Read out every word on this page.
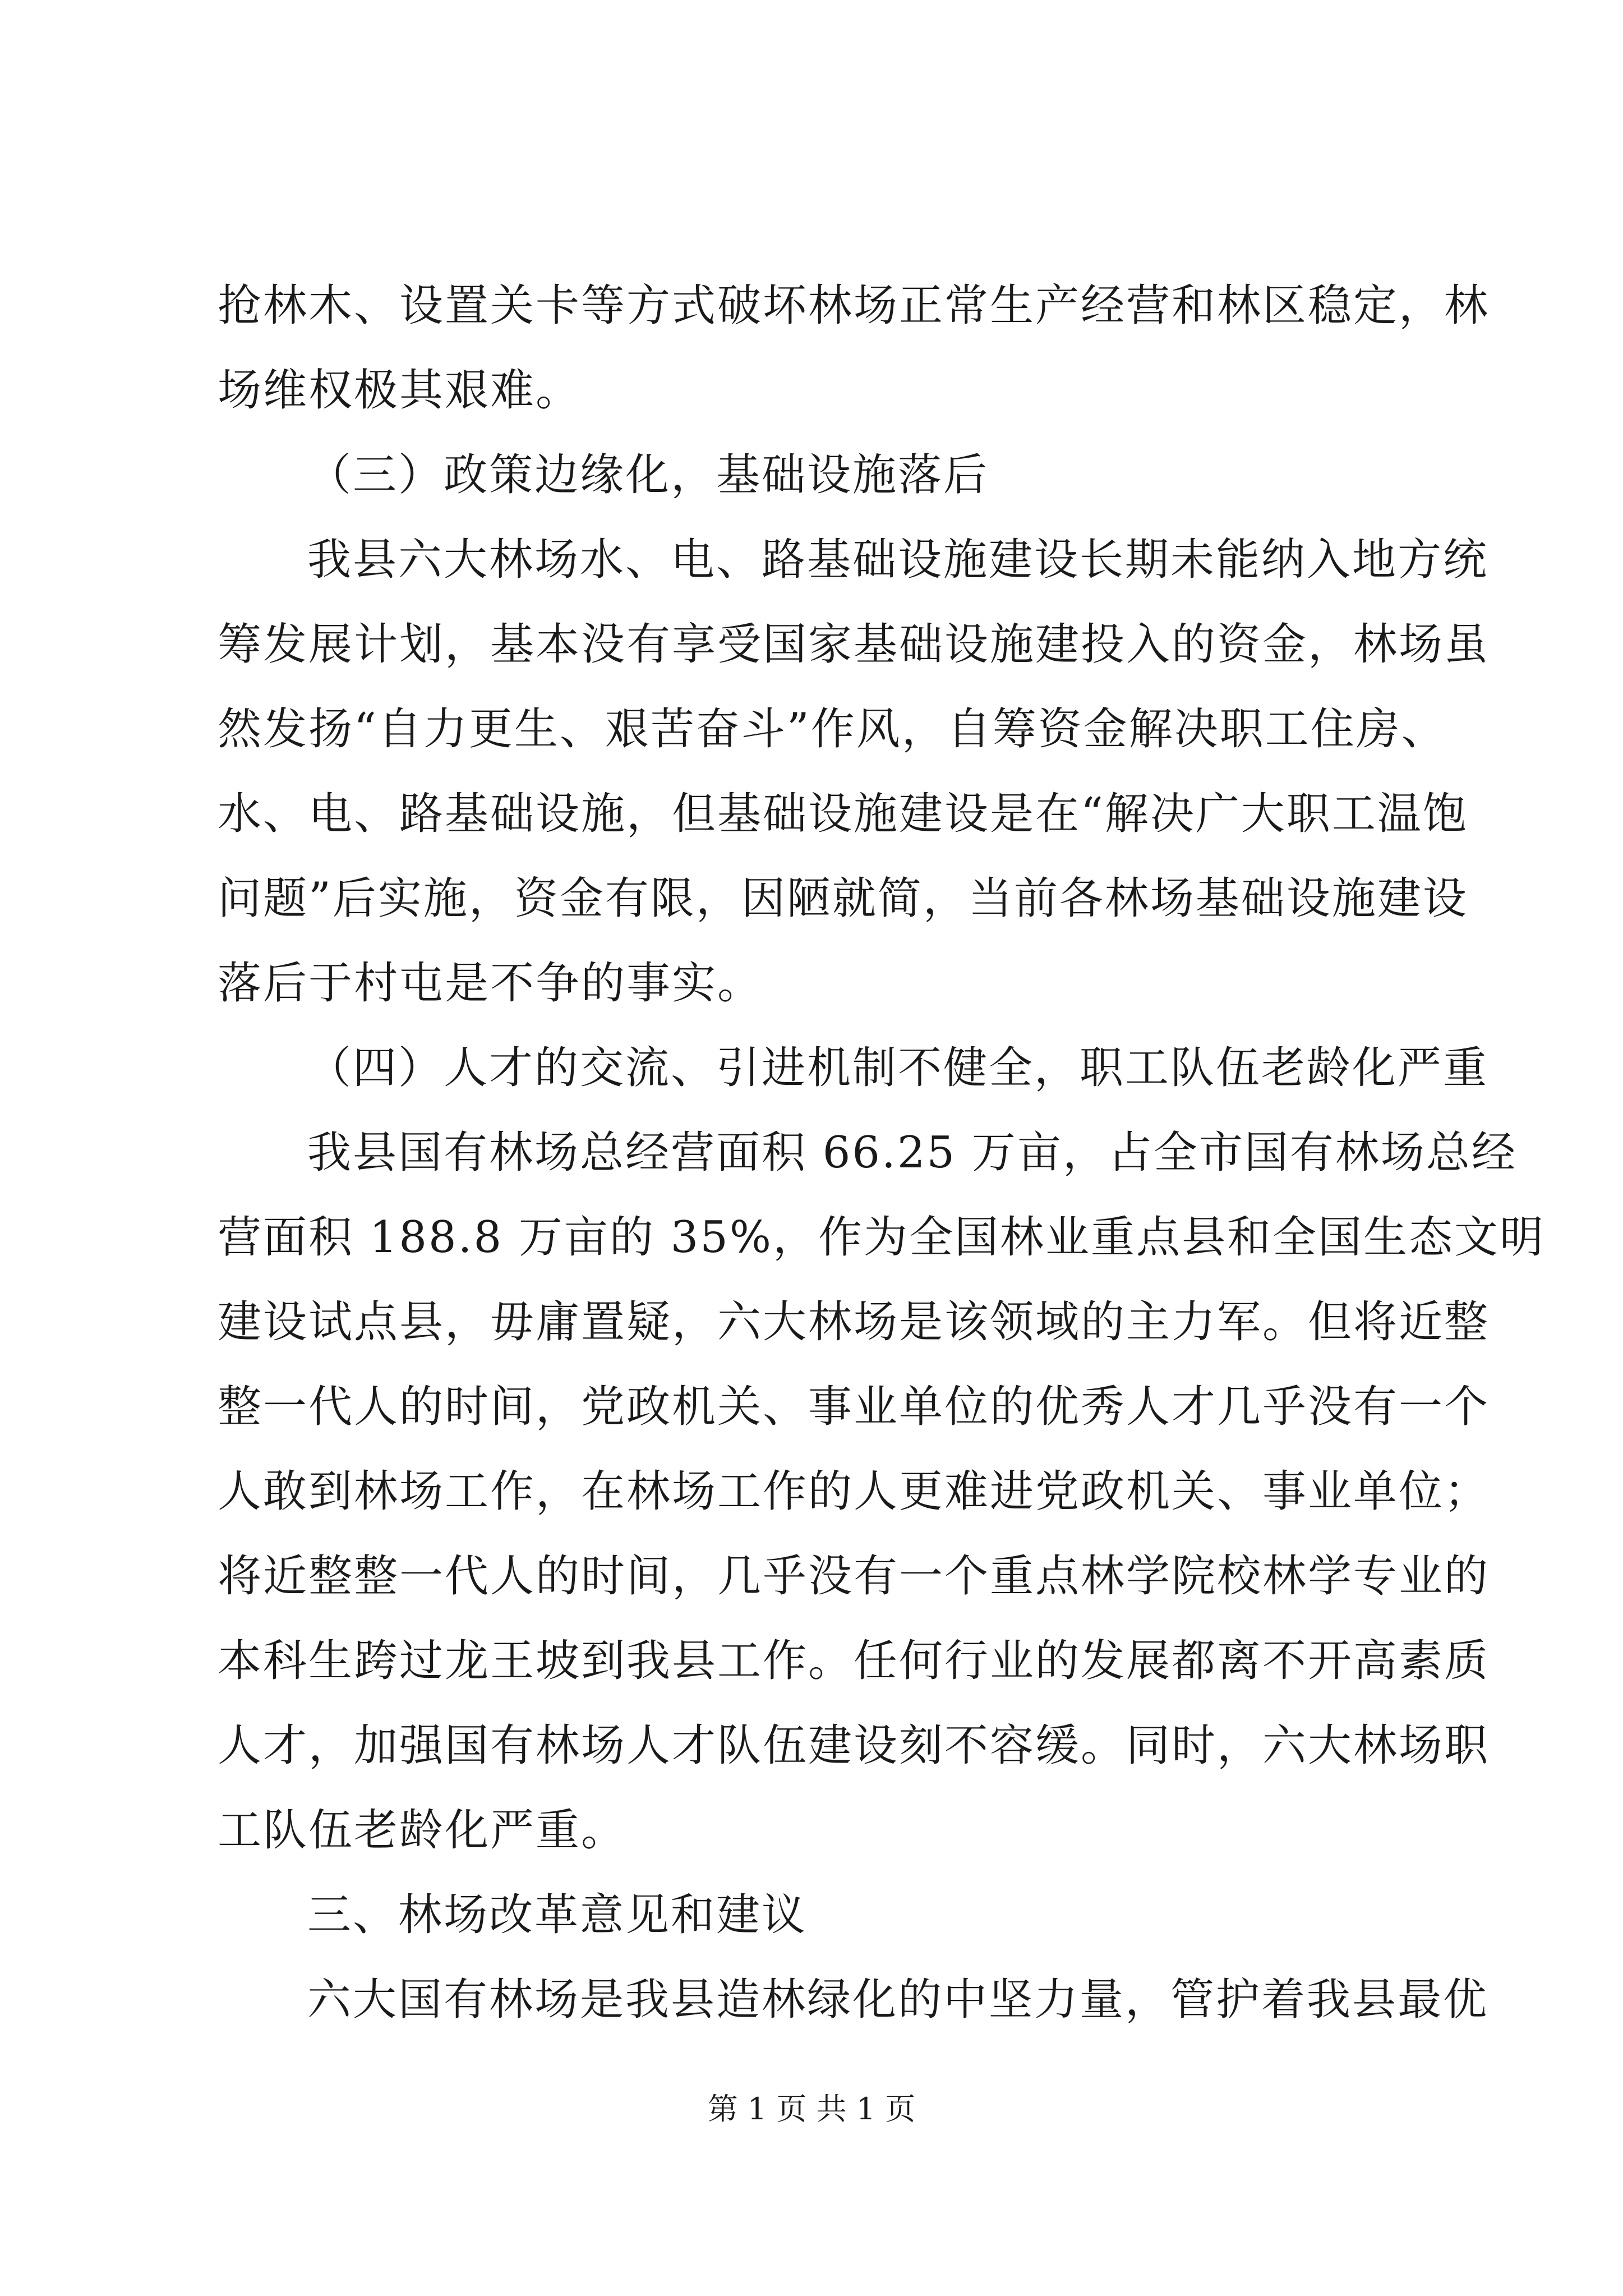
抢林木、设置关卡等方式破坏林场正常生产经营和林区稳定，林
场维权极其艰难。
（三）政策边缘化，基础设施落后
我县六大林场水、电、路基础设施建设长期未能纳入地方统
筹发展计划，基本没有享受国家基础设施建投入的资金，林场虽
然发扬“自力更生、艰苦奋斗”作风，自筹资金解决职工住房、
水、电、路基础设施，但基础设施建设是在“解决广大职工温饱
问题”后实施，资金有限，因陋就简，当前各林场基础设施建设
落后于村屯是不争的事实。
（四）人才的交流、引进机制不健全，职工队伍老龄化严重
我县国有林场总经营面积 66.25 万亩，占全市国有林场总经
营面积 188.8 万亩的 35%，作为全国林业重点县和全国生态文明
建设试点县，毋庸置疑，六大林场是该领域的主力军。但将近整
整一代人的时间，党政机关、事业单位的优秀人才几乎没有一个
人敢到林场工作，在林场工作的人更难进党政机关、事业单位；
将近整整一代人的时间，几乎没有一个重点林学院校林学专业的
本科生跨过龙王坡到我县工作。任何行业的发展都离不开高素质
人才，加强国有林场人才队伍建设刻不容缓。同时，六大林场职
工队伍老龄化严重。
三、林场改革意见和建议
六大国有林场是我县造林绿化的中坚力量，管护着我县最优
第 1 页 共 1 页
